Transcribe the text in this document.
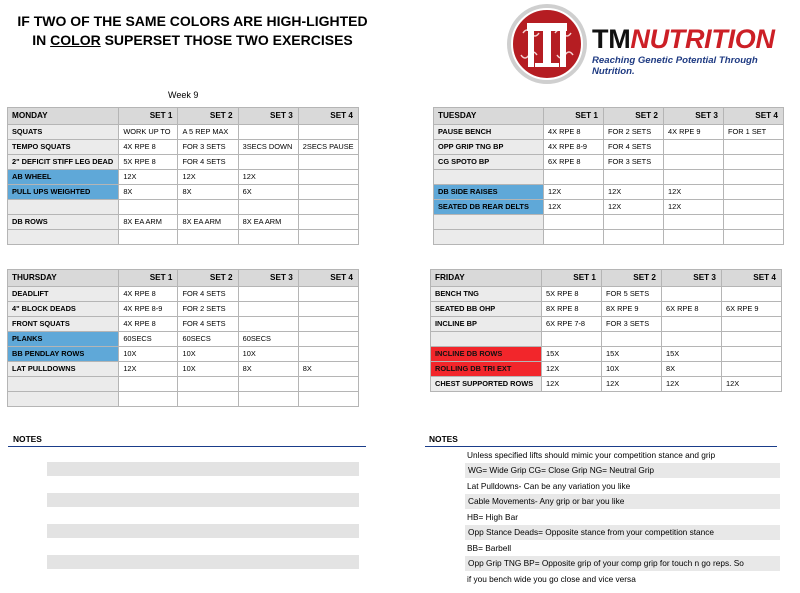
IF TWO OF THE SAME COLORS ARE HIGH-LIGHTED
IN COLOR SUPERSET THOSE TWO EXERCISES
Week 9
TMNUTRITION
Reaching Genetic Potential Through Nutrition.
MONDAY	SET 1	SET 2	SET 3	SET 4
SQUATS	WORK UP TO	A 5 REP MAX		
TEMPO SQUATS	4X RPE 8	FOR 3 SETS	3SECS DOWN	2SECS PAUSE
2" DEFICIT STIFF LEG DEAD	5X RPE 8	FOR 4 SETS		
AB WHEEL	12X	12X	12X	
PULL UPS WEIGHTED	8X	8X	6X	

DB ROWS	8X EA ARM	8X EA ARM	8X EA ARM	

TUESDAY	SET 1	SET 2	SET 3	SET 4
PAUSE BENCH	4X RPE 8	FOR 2 SETS	4X RPE 9	FOR 1 SET
OPP GRIP TNG BP	4X RPE 8-9	FOR 4 SETS		
CG SPOTO BP	6X RPE 8	FOR 3 SETS		

DB SIDE RAISES	12X	12X	12X	
SEATED DB REAR DELTS	12X	12X	12X	

THURSDAY	SET 1	SET 2	SET 3	SET 4
DEADLIFT	4X RPE 8	FOR 4 SETS		
4" BLOCK DEADS	4X RPE 8-9	FOR 2 SETS		
FRONT SQUATS	4X RPE 8	FOR 4 SETS		
PLANKS	60SECS	60SECS	60SECS	
BB PENDLAY ROWS	10X	10X	10X	
LAT PULLDOWNS	12X	10X	8X	8X

FRIDAY	SET 1	SET 2	SET 3	SET 4
BENCH TNG	5X RPE 8	FOR 5 SETS		
SEATED BB OHP	8X RPE 8	8X RPE 9	6X RPE 8	6X RPE 9
INCLINE BP	6X RPE 7-8	FOR 3 SETS		

INCLINE DB ROWS	15X	15X	15X	
ROLLING DB TRI EXT	12X	10X	8X	
CHEST SUPPORTED ROWS	12X	12X	12X	12X
NOTES	NOTES
Unless specified lifts should mimic your competition stance and grip
WG= Wide Grip CG= Close Grip NG= Neutral Grip
Lat Pulldowns- Can be any variation you like
Cable Movements- Any grip or bar you like
HB= High Bar
Opp Stance Deads= Opposite stance from your competition stance
BB= Barbell
Opp Grip TNG BP= Opposite grip of your comp grip for touch n go reps. So
if you bench wide you go close and vice versa
